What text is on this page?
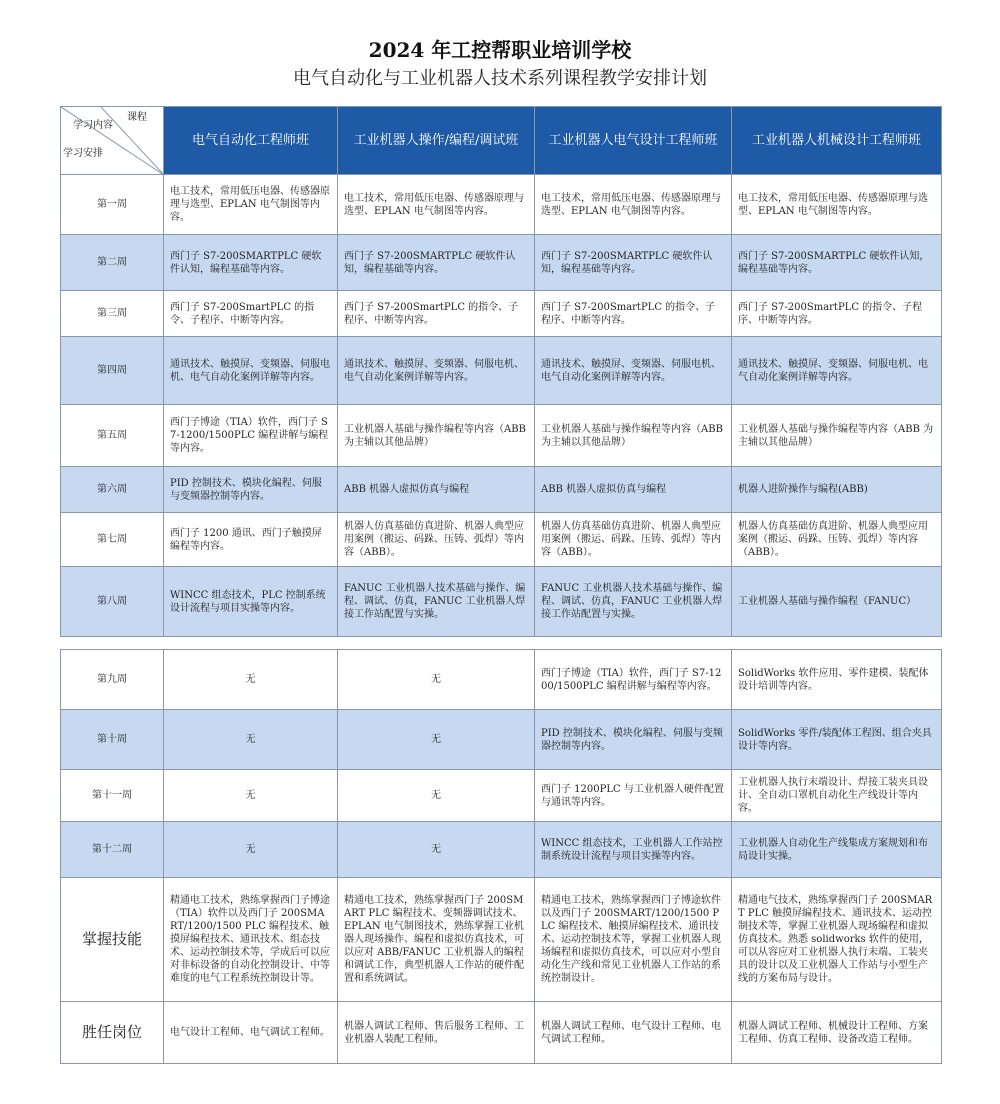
2024 年工控帮职业培训学校
电气自动化与工业机器人技术系列课程教学安排计划
课程
学习内容
学习安排	电气自动化工程师班	工业机器人操作/编程/调试班	工业机器人电气设计工程师班	工业机器人机械设计工程师班
第一周	电工技术，常用低压电器、传感器原理与选型、EPLAN 电气制图等内容。	电工技术，常用低压电器、传感器原理与选型、EPLAN 电气制图等内容。	电工技术，常用低压电器、传感器原理与选型、EPLAN 电气制图等内容。	电工技术，常用低压电器、传感器原理与选型、EPLAN 电气制图等内容。
第二周	西门子 S7-200SMARTPLC 硬软件认知，编程基础等内容。	西门子 S7-200SMARTPLC 硬软件认知，编程基础等内容。	西门子 S7-200SMARTPLC 硬软件认知，编程基础等内容。	西门子 S7-200SMARTPLC 硬软件认知，编程基础等内容。
第三周	西门子 S7-200SmartPLC 的指令、子程序、中断等内容。	西门子 S7-200SmartPLC 的指令、子程序、中断等内容。	西门子 S7-200SmartPLC 的指令、子程序、中断等内容。	西门子 S7-200SmartPLC 的指令、子程序、中断等内容。
第四周	通讯技术、触摸屏、变频器、伺服电机、电气自动化案例详解等内容。	通讯技术、触摸屏、变频器、伺服电机、电气自动化案例详解等内容。	通讯技术、触摸屏、变频器、伺服电机、电气自动化案例详解等内容。	通讯技术、触摸屏、变频器、伺服电机、电气自动化案例详解等内容。
第五周	西门子博途（TIA）软件，西门子 S7-1200/1500PLC 编程讲解与编程等内容。	工业机器人基础与操作编程等内容（ABB 为主辅以其他品牌）	工业机器人基础与操作编程等内容（ABB 为主辅以其他品牌）	工业机器人基础与操作编程等内容（ABB 为主辅以其他品牌）
第六周	PID 控制技术、模块化编程、伺服与变频器控制等内容。	ABB 机器人虚拟仿真与编程	ABB 机器人虚拟仿真与编程	机器人进阶操作与编程(ABB)
第七周	西门子 1200 通讯、西门子触摸屏编程等内容。	机器人仿真基础仿真进阶、机器人典型应用案例（搬运、码跺、压铸、弧焊）等内容（ABB）。	机器人仿真基础仿真进阶、机器人典型应用案例（搬运、码跺、压铸、弧焊）等内容（ABB）。	机器人仿真基础仿真进阶、机器人典型应用案例（搬运、码跺、压铸、弧焊）等内容（ABB）。
第八周	WINCC 组态技术，PLC 控制系统设计流程与项目实操等内容。	FANUC 工业机器人技术基础与操作、编程、调试、仿真，FANUC 工业机器人焊接工作站配置与实操。	FANUC 工业机器人技术基础与操作、编程、调试、仿真，FANUC 工业机器人焊接工作站配置与实操。	工业机器人基础与操作编程（FANUC）
第九周	无	无	西门子博途（TIA）软件，西门子 S7-1200/1500PLC 编程讲解与编程等内容。	SolidWorks 软件应用、零件建模、装配体设计培训等内容。
第十周	无	无	PID 控制技术、模块化编程、伺服与变频器控制等内容。	SolidWorks 零件/装配体工程图、组合夹具设计等内容。
第十一周	无	无	西门子 1200PLC 与工业机器人硬件配置与通讯等内容。	工业机器人执行末端设计、焊接工装夹具设计、全自动口罩机自动化生产线设计等内容。
第十二周	无	无	WINCC 组态技术，工业机器人工作站控制系统设计流程与项目实操等内容。	工业机器人自动化生产线集成方案规划和布局设计实操。
掌握技能	精通电工技术，熟练掌握西门子博途（TIA）软件以及西门子 200SMART/1200/1500 PLC 编程技术、触摸屏编程技术、通讯技术、组态技术、运动控制技术等，学成后可以应对非标设备的自动化控制设计、中等难度的电气工程系统控制设计等。	精通电工技术，熟练掌握西门子 200SMART PLC 编程技术、变频器调试技术、EPLAN 电气制图技术，熟练掌握工业机器人现场操作、编程和虚拟仿真技术，可以应对 ABB/FANUC 工业机器人的编程和调试工作，典型机器人工作站的硬件配置和系统调试。	精通电工技术，熟练掌握西门子博途软件以及西门子 200SMART/1200/1500 PLC 编程技术、触摸屏编程技术、通讯技术、运动控制技术等，掌握工业机器人现场编程和虚拟仿真技术，可以应对小型自动化生产线和常见工业机器人工作站的系统控制设计。	精通电气技术，熟练掌握西门子 200SMART PLC 触摸屏编程技术、通讯技术、运动控制技术等，掌握工业机器人现场编程和虚拟仿真技术。熟悉 solidworks 软件的使用，可以从容应对工业机器人执行末端、工装夹具的设计以及工业机器人工作站与小型生产线的方案布局与设计。
胜任岗位	电气设计工程师、电气调试工程师。	机器人调试工程师、售后服务工程师、工业机器人装配工程师。	机器人调试工程师、电气设计工程师、电气调试工程师。	机器人调试工程师、机械设计工程师、方案工程师、仿真工程师、设备改造工程师。
